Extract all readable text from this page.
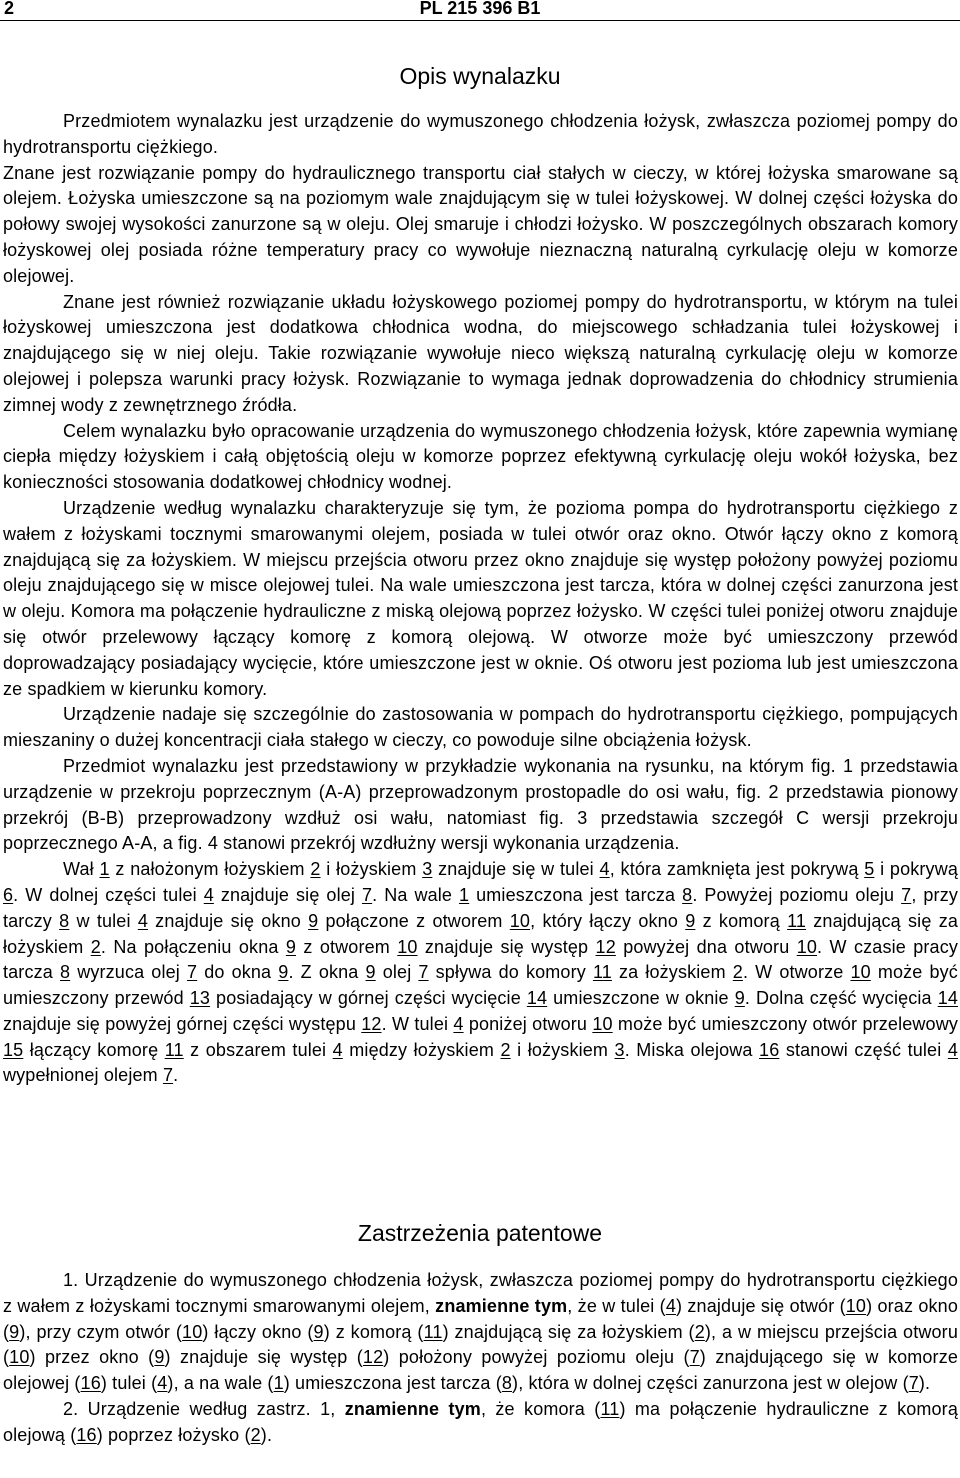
2	PL 215 396 B1
Opis wynalazku

Przedmiotem wynalazku jest urządzenie do wymuszonego chłodzenia łożysk, zwłaszcza poziomej pompy do hydrotransportu ciężkiego.

Znane jest rozwiązanie pompy do hydraulicznego transportu ciał stałych w cieczy, w której łożyska smarowane są olejem. Łożyska umieszczone są na poziomym wale znajdującym się w tulei łożyskowej. W dolnej części łożyska do połowy swojej wysokości zanurzone są w oleju. Olej smaruje i chłodzi łożysko. W poszczególnych obszarach komory łożyskowej olej posiada różne temperatury pracy co wywołuje nieznaczną naturalną cyrkulację oleju w komorze olejowej.

Znane jest również rozwiązanie układu łożyskowego poziomej pompy do hydrotransportu, w którym na tulei łożyskowej umieszczona jest dodatkowa chłodnica wodna, do miejscowego schładzania tulei łożyskowej i znajdującego się w niej oleju. Takie rozwiązanie wywołuje nieco większą naturalną cyrkulację oleju w komorze olejowej i polepsza warunki pracy łożysk. Rozwiązanie to wymaga jednak doprowadzenia do chłodnicy strumienia zimnej wody z zewnętrznego źródła.

Celem wynalazku było opracowanie urządzenia do wymuszonego chłodzenia łożysk, które zapewnia wymianę ciepła między łożyskiem i całą objętością oleju w komorze poprzez efektywną cyrkulację oleju wokół łożyska, bez konieczności stosowania dodatkowej chłodnicy wodnej.

Urządzenie według wynalazku charakteryzuje się tym, że pozioma pompa do hydrotransportu ciężkiego z wałem z łożyskami tocznymi smarowanymi olejem, posiada w tulei otwór oraz okno. Otwór łączy okno z komorą znajdującą się za łożyskiem. W miejscu przejścia otworu przez okno znajduje się występ położony powyżej poziomu oleju znajdującego się w misce olejowej tulei. Na wale umieszczona jest tarcza, która w dolnej części zanurzona jest w oleju. Komora ma połączenie hydrauliczne z miską olejową poprzez łożysko. W części tulei poniżej otworu znajduje się otwór przelewowy łączący komorę z komorą olejową. W otworze może być umieszczony przewód doprowadzający posiadający wycięcie, które umieszczone jest w oknie. Oś otworu jest pozioma lub jest umieszczona ze spadkiem w kierunku komory.

Urządzenie nadaje się szczególnie do zastosowania w pompach do hydrotransportu ciężkiego, pompujących mieszaniny o dużej koncentracji ciała stałego w cieczy, co powoduje silne obciążenia łożysk.

Przedmiot wynalazku jest przedstawiony w przykładzie wykonania na rysunku, na którym fig. 1 przedstawia urządzenie w przekroju poprzecznym (A-A) przeprowadzonym prostopadle do osi wału, fig. 2 przedstawia pionowy przekrój (B-B) przeprowadzony wzdłuż osi wału, natomiast fig. 3 przedstawia szczegół C wersji przekroju poprzecznego A-A, a fig. 4 stanowi przekrój wzdłużny wersji wykonania urządzenia.

Wał 1 z nałożonym łożyskiem 2 i łożyskiem 3 znajduje się w tulei 4, która zamknięta jest pokrywą 5 i pokrywą 6. W dolnej części tulei 4 znajduje się olej 7. Na wale 1 umieszczona jest tarcza 8. Powyżej poziomu oleju 7, przy tarczy 8 w tulei 4 znajduje się okno 9 połączone z otworem 10, który łączy okno 9 z komorą 11 znajdującą się za łożyskiem 2. Na połączeniu okna 9 z otworem 10 znajduje się występ 12 powyżej dna otworu 10. W czasie pracy tarcza 8 wyrzuca olej 7 do okna 9. Z okna 9 olej 7 spływa do komory 11 za łożyskiem 2. W otworze 10 może być umieszczony przewód 13 posiadający w górnej części wycięcie 14 umieszczone w oknie 9. Dolna część wycięcia 14 znajduje się powyżej górnej części występu 12. W tulei 4 poniżej otworu 10 może być umieszczony otwór przelewowy 15 łączący komorę 11 z obszarem tulei 4 między łożyskiem 2 i łożyskiem 3. Miska olejowa 16 stanowi część tulei 4 wypełnionej olejem 7.

Zastrzeżenia patentowe

1. Urządzenie do wymuszonego chłodzenia łożysk, zwłaszcza poziomej pompy do hydrotransportu ciężkiego z wałem z łożyskami tocznymi smarowanymi olejem, znamienne tym, że w tulei (4) znajduje się otwór (10) oraz okno (9), przy czym otwór (10) łączy okno (9) z komorą (11) znajdującą się za łożyskiem (2), a w miejscu przejścia otworu (10) przez okno (9) znajduje się występ (12) położony powyżej poziomu oleju (7) znajdującego się w komorze olejowej (16) tulei (4), a na wale (1) umieszczona jest tarcza (8), która w dolnej części zanurzona jest w olejow (7).

2. Urządzenie według zastrz. 1, znamienne tym, że komora (11) ma połączenie hydrauliczne z komorą olejową (16) poprzez łożysko (2).
